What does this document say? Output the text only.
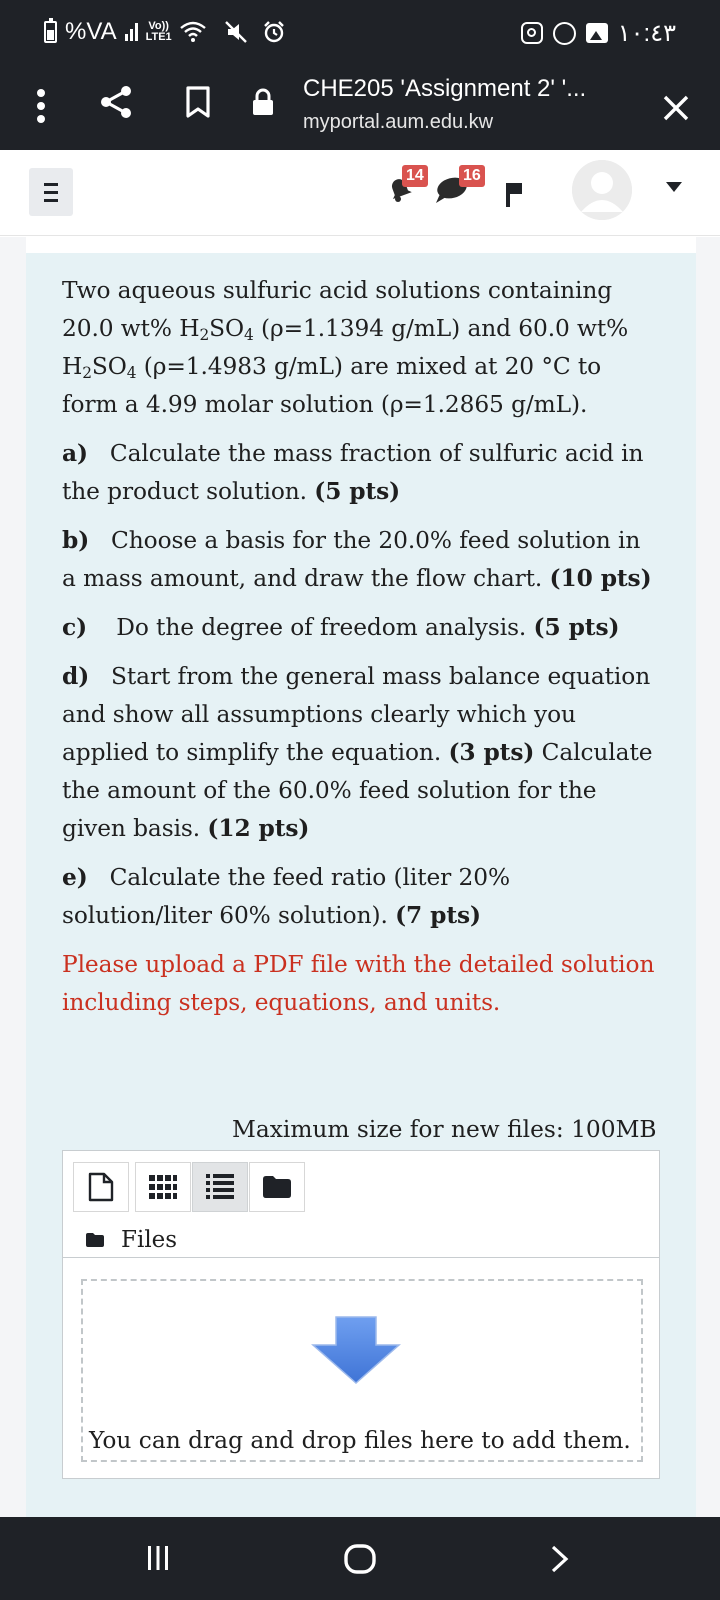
%VA	Vo))
LTE1	١٠:٤٣
CHE205 'Assignment 2' '...
myportal.aum.edu.kw
14 16

Two aqueous sulfuric acid solutions containing 20.0 wt% $H_2SO_4$ (ρ=1.1394 g/mL) and 60.0 wt% $H_2SO_4$ (ρ=1.4983 g/mL) are mixed at 20 °C to form a 4.99 molar solution (ρ=1.2865 g/mL).

a) Calculate the mass fraction of sulfuric acid in the product solution. (5 pts)

b) Choose a basis for the 20.0% feed solution in a mass amount, and draw the flow chart. (10 pts)

c) Do the degree of freedom analysis. (5 pts)

d) Start from the general mass balance equation and show all assumptions clearly which you applied to simplify the equation. (3 pts) Calculate the amount of the 60.0% feed solution for the given basis. (12 pts)

e) Calculate the feed ratio (liter 20% solution/liter 60% solution). (7 pts)

Please upload a PDF file with the detailed solution including steps, equations, and units.

Maximum size for new files: 100MB
Files
You can drag and drop files here to add them.
